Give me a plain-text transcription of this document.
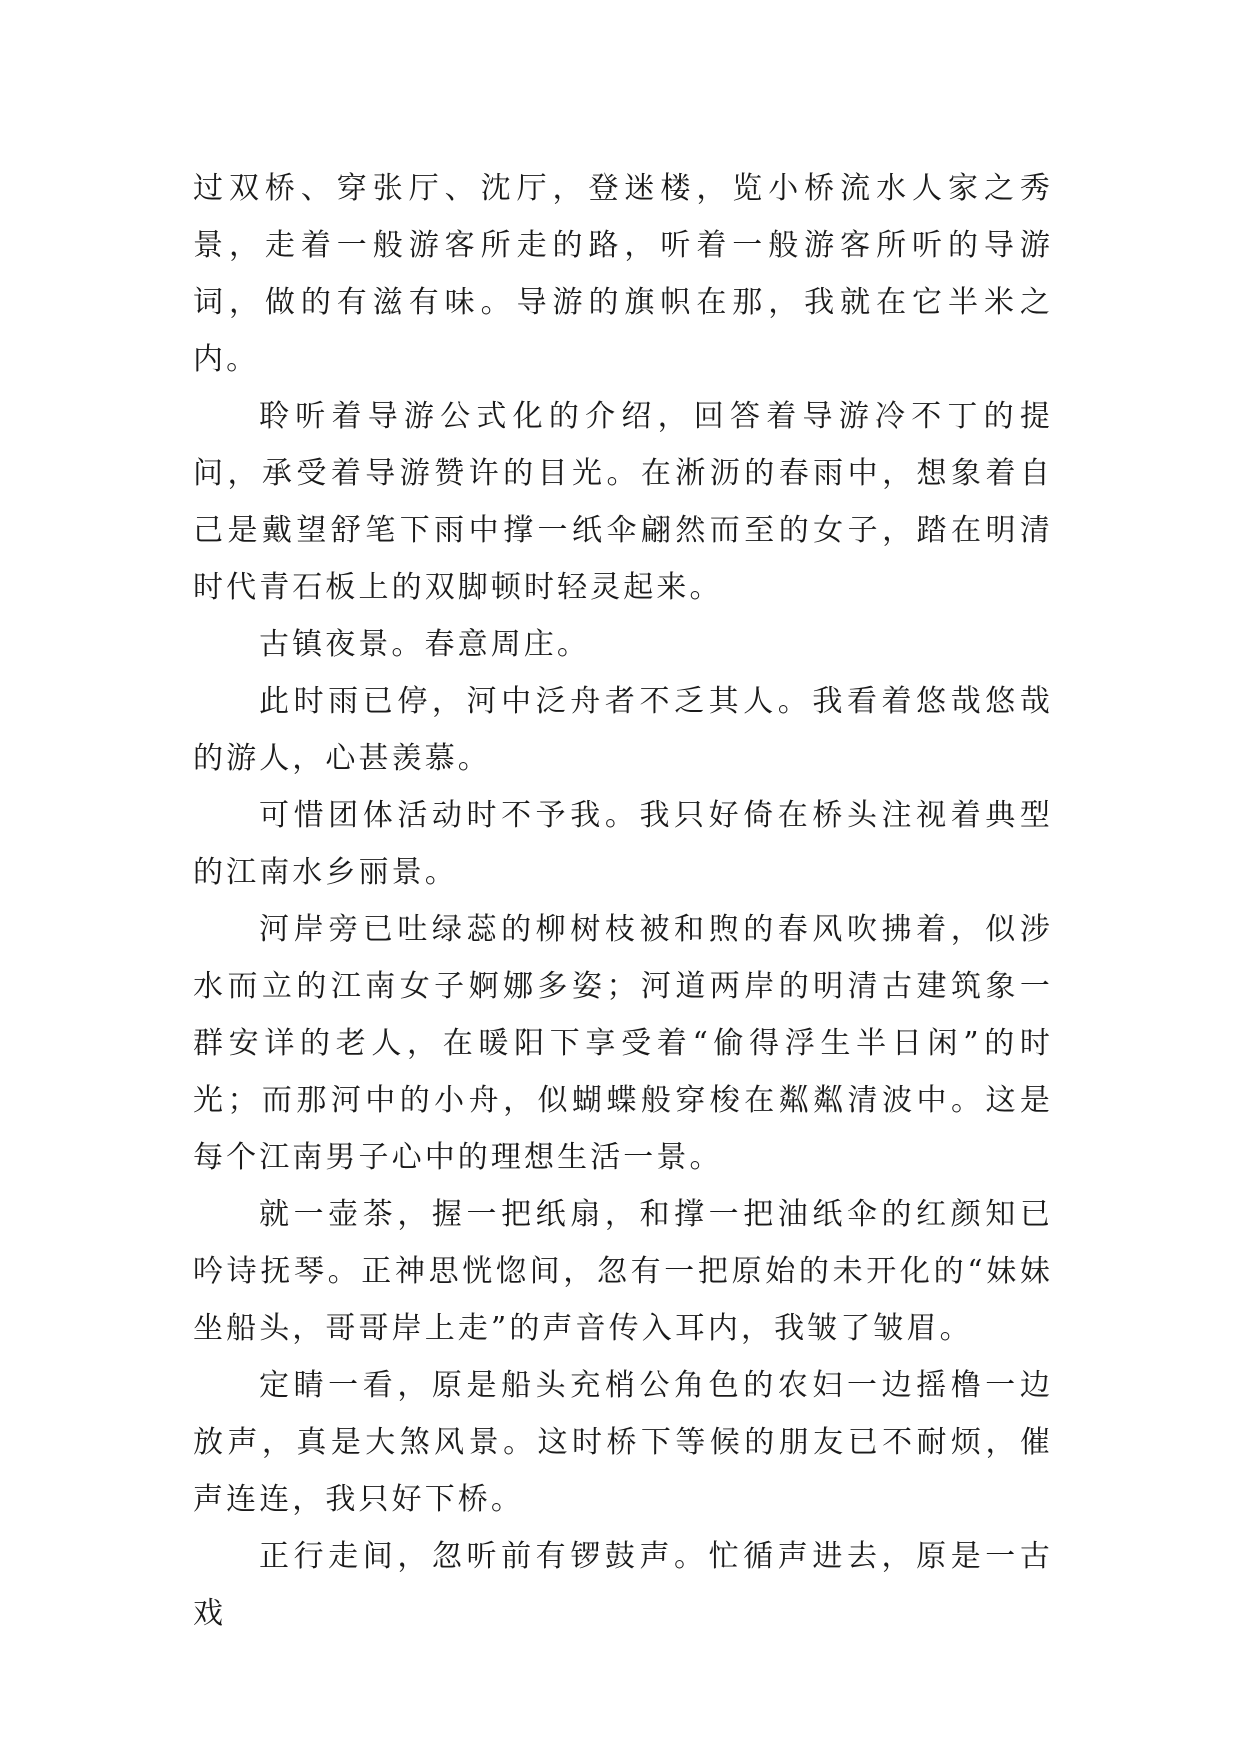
过双桥、穿张厅、沈厅，登迷楼，览小桥流水人家之秀景，走着一般游客所走的路，听着一般游客所听的导游词，做的有滋有味。导游的旗帜在那，我就在它半米之内。

聆听着导游公式化的介绍，回答着导游冷不丁的提问，承受着导游赞许的目光。在淅沥的春雨中，想象着自己是戴望舒笔下雨中撑一纸伞翩然而至的女子，踏在明清时代青石板上的双脚顿时轻灵起来。

古镇夜景。春意周庄。

此时雨已停，河中泛舟者不乏其人。我看着悠哉悠哉的游人，心甚羡慕。

可惜团体活动时不予我。我只好倚在桥头注视着典型的江南水乡丽景。

河岸旁已吐绿蕊的柳树枝被和煦的春风吹拂着，似涉水而立的江南女子婀娜多姿；河道两岸的明清古建筑象一群安详的老人，在暖阳下享受着“偷得浮生半日闲”的时光；而那河中的小舟，似蝴蝶般穿梭在粼粼清波中。这是每个江南男子心中的理想生活一景。

就一壶茶，握一把纸扇，和撑一把油纸伞的红颜知已吟诗抚琴。正神思恍惚间，忽有一把原始的未开化的“妹妹坐船头，哥哥岸上走”的声音传入耳内，我皱了皱眉。

定睛一看，原是船头充梢公角色的农妇一边摇橹一边放声，真是大煞风景。这时桥下等候的朋友已不耐烦，催声连连，我只好下桥。

正行走间，忽听前有锣鼓声。忙循声进去，原是一古戏
